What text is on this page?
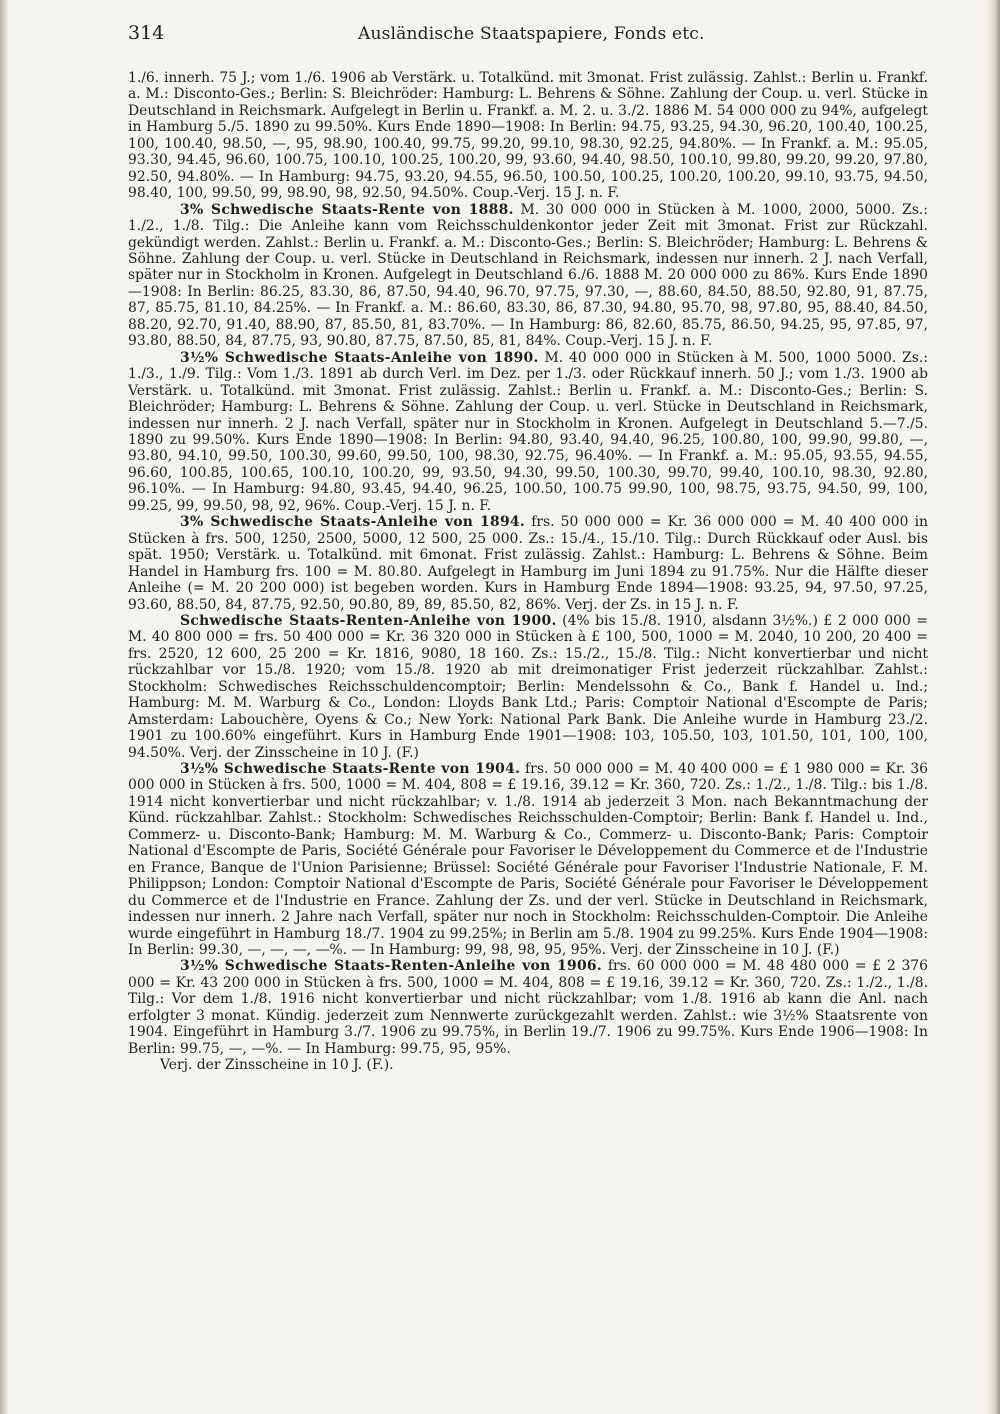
314	Ausländische Staatspapiere, Fonds etc.

1./6. innerh. 75 J.; vom 1./6. 1906 ab Verstärk. u. Totalkünd. mit 3monat. Frist zulässig. Zahlst.: Berlin u. Frankf. a. M.: Disconto-Ges.; Berlin: S. Bleichröder: Hamburg: L. Behrens & Söhne. Zahlung der Coup. u. verl. Stücke in Deutschland in Reichsmark. Aufgelegt in Berlin u. Frankf. a. M. 2. u. 3./2. 1886 M. 54 000 000 zu 94%, aufgelegt in Hamburg 5./5. 1890 zu 99.50%. Kurs Ende 1890—1908: In Berlin: 94.75, 93.25, 94.30, 96.20, 100.40, 100.25, 100, 100.40, 98.50, —, 95, 98.90, 100.40, 99.75, 99.20, 99.10, 98.30, 92.25, 94.80%. — In Frankf. a. M.: 95.05, 93.30, 94.45, 96.60, 100.75, 100.10, 100.25, 100.20, 99, 93.60, 94.40, 98.50, 100.10, 99.80, 99.20, 99.20, 97.80, 92.50, 94.80%. — In Hamburg: 94.75, 93.20, 94.55, 96.50, 100.50, 100.25, 100.20, 100.20, 99.10, 93.75, 94.50, 98.40, 100, 99.50, 99, 98.90, 98, 92.50, 94.50%. Coup.-Verj. 15 J. n. F.

3% Schwedische Staats-Rente von 1888. M. 30 000 000 in Stücken à M. 1000, 2000, 5000. Zs.: 1./2., 1./8. Tilg.: Die Anleihe kann vom Reichsschuldenkontor jeder Zeit mit 3monat. Frist zur Rückzahl. gekündigt werden. Zahlst.: Berlin u. Frankf. a. M.: Disconto-Ges.; Berlin: S. Bleichröder; Hamburg: L. Behrens & Söhne. Zahlung der Coup. u. verl. Stücke in Deutschland in Reichsmark, indessen nur innerh. 2 J. nach Verfall, später nur in Stockholm in Kronen. Aufgelegt in Deutschland 6./6. 1888 M. 20 000 000 zu 86%. Kurs Ende 1890—1908: In Berlin: 86.25, 83.30, 86, 87.50, 94.40, 96.70, 97.75, 97.30, —, 88.60, 84.50, 88.50, 92.80, 91, 87.75, 87, 85.75, 81.10, 84.25%. — In Frankf. a. M.: 86.60, 83.30, 86, 87.30, 94.80, 95.70, 98, 97.80, 95, 88.40, 84.50, 88.20, 92.70, 91.40, 88.90, 87, 85.50, 81, 83.70%. — In Hamburg: 86, 82.60, 85.75, 86.50, 94.25, 95, 97.85, 97, 93.80, 88.50, 84, 87.75, 93, 90.80, 87.75, 87.50, 85, 81, 84%. Coup.-Verj. 15 J. n. F.

3½% Schwedische Staats-Anleihe von 1890. M. 40 000 000 in Stücken à M. 500, 1000 5000. Zs.: 1./3., 1./9. Tilg.: Vom 1./3. 1891 ab durch Verl. im Dez. per 1./3. oder Rückkauf innerh. 50 J.; vom 1./3. 1900 ab Verstärk. u. Totalkünd. mit 3monat. Frist zulässig. Zahlst.: Berlin u. Frankf. a. M.: Disconto-Ges.; Berlin: S. Bleichröder; Hamburg: L. Behrens & Söhne. Zahlung der Coup. u. verl. Stücke in Deutschland in Reichsmark, indessen nur innerh. 2 J. nach Verfall, später nur in Stockholm in Kronen. Aufgelegt in Deutschland 5.—7./5. 1890 zu 99.50%. Kurs Ende 1890—1908: In Berlin: 94.80, 93.40, 94.40, 96.25, 100.80, 100, 99.90, 99.80, —, 93.80, 94.10, 99.50, 100.30, 99.60, 99.50, 100, 98.30, 92.75, 96.40%. — In Frankf. a. M.: 95.05, 93.55, 94.55, 96.60, 100.85, 100.65, 100.10, 100.20, 99, 93.50, 94.30, 99.50, 100.30, 99.70, 99.40, 100.10, 98.30, 92.80, 96.10%. — In Hamburg: 94.80, 93.45, 94.40, 96.25, 100.50, 100.75 99.90, 100, 98.75, 93.75, 94.50, 99, 100, 99.25, 99, 99.50, 98, 92, 96%. Coup.-Verj. 15 J. n. F.

3% Schwedische Staats-Anleihe von 1894. frs. 50 000 000 = Kr. 36 000 000 = M. 40 400 000 in Stücken à frs. 500, 1250, 2500, 5000, 12 500, 25 000. Zs.: 15./4., 15./10. Tilg.: Durch Rückkauf oder Ausl. bis spät. 1950; Verstärk. u. Totalkünd. mit 6monat. Frist zulässig. Zahlst.: Hamburg: L. Behrens & Söhne. Beim Handel in Hamburg frs. 100 = M. 80.80. Aufgelegt in Hamburg im Juni 1894 zu 91.75%. Nur die Hälfte dieser Anleihe (= M. 20 200 000) ist begeben worden. Kurs in Hamburg Ende 1894—1908: 93.25, 94, 97.50, 97.25, 93.60, 88.50, 84, 87.75, 92.50, 90.80, 89, 89, 85.50, 82, 86%. Verj. der Zs. in 15 J. n. F.

Schwedische Staats-Renten-Anleihe von 1900. (4% bis 15./8. 1910, alsdann 3½%.) £ 2 000 000 = M. 40 800 000 = frs. 50 400 000 = Kr. 36 320 000 in Stücken à £ 100, 500, 1000 = M. 2040, 10 200, 20 400 = frs. 2520, 12 600, 25 200 = Kr. 1816, 9080, 18 160. Zs.: 15./2., 15./8. Tilg.: Nicht konvertierbar und nicht rückzahlbar vor 15./8. 1920; vom 15./8. 1920 ab mit dreimonatiger Frist jederzeit rückzahlbar. Zahlst.: Stockholm: Schwedisches Reichsschuldencomptoir; Berlin: Mendelssohn & Co., Bank f. Handel u. Ind.; Hamburg: M. M. Warburg & Co., London: Lloyds Bank Ltd.; Paris: Comptoir National d'Escompte de Paris; Amsterdam: Labouchère, Oyens & Co.; New York: National Park Bank. Die Anleihe wurde in Hamburg 23./2. 1901 zu 100.60% eingeführt. Kurs in Hamburg Ende 1901—1908: 103, 105.50, 103, 101.50, 101, 100, 100, 94.50%. Verj. der Zinsscheine in 10 J. (F.)

3½% Schwedische Staats-Rente von 1904. frs. 50 000 000 = M. 40 400 000 = £ 1 980 000 = Kr. 36 000 000 in Stücken à frs. 500, 1000 = M. 404, 808 = £ 19.16, 39.12 = Kr. 360, 720. Zs.: 1./2., 1./8. Tilg.: bis 1./8. 1914 nicht konvertierbar und nicht rückzahlbar; v. 1./8. 1914 ab jederzeit 3 Mon. nach Bekanntmachung der Künd. rückzahlbar. Zahlst.: Stockholm: Schwedisches Reichsschulden-Comptoir; Berlin: Bank f. Handel u. Ind., Commerz- u. Disconto-Bank; Hamburg: M. M. Warburg & Co., Commerz- u. Disconto-Bank; Paris: Comptoir National d'Escompte de Paris, Société Générale pour Favoriser le Développement du Commerce et de l'Industrie en France, Banque de l'Union Parisienne; Brüssel: Société Générale pour Favoriser l'Industrie Nationale, F. M. Philippson; London: Comptoir National d'Escompte de Paris, Société Générale pour Favoriser le Développement du Commerce et de l'Industrie en France. Zahlung der Zs. und der verl. Stücke in Deutschland in Reichsmark, indessen nur innerh. 2 Jahre nach Verfall, später nur noch in Stockholm: Reichsschulden-Comptoir. Die Anleihe wurde eingeführt in Hamburg 18./7. 1904 zu 99.25%; in Berlin am 5./8. 1904 zu 99.25%. Kurs Ende 1904—1908: In Berlin: 99.30, —, —, —, —%. — In Hamburg: 99, 98, 98, 95, 95%. Verj. der Zinsscheine in 10 J. (F.)

3½% Schwedische Staats-Renten-Anleihe von 1906. frs. 60 000 000 = M. 48 480 000 = £ 2 376 000 = Kr. 43 200 000 in Stücken à frs. 500, 1000 = M. 404, 808 = £ 19.16, 39.12 = Kr. 360, 720. Zs.: 1./2., 1./8. Tilg.: Vor dem 1./8. 1916 nicht konvertierbar und nicht rückzahlbar; vom 1./8. 1916 ab kann die Anl. nach erfolgter 3 monat. Kündig. jederzeit zum Nennwerte zurückgezahlt werden. Zahlst.: wie 3½% Staatsrente von 1904. Eingeführt in Hamburg 3./7. 1906 zu 99.75%, in Berlin 19./7. 1906 zu 99.75%. Kurs Ende 1906—1908: In Berlin: 99.75, —, —%. — In Hamburg: 99.75, 95, 95%.

Verj. der Zinsscheine in 10 J. (F.).
